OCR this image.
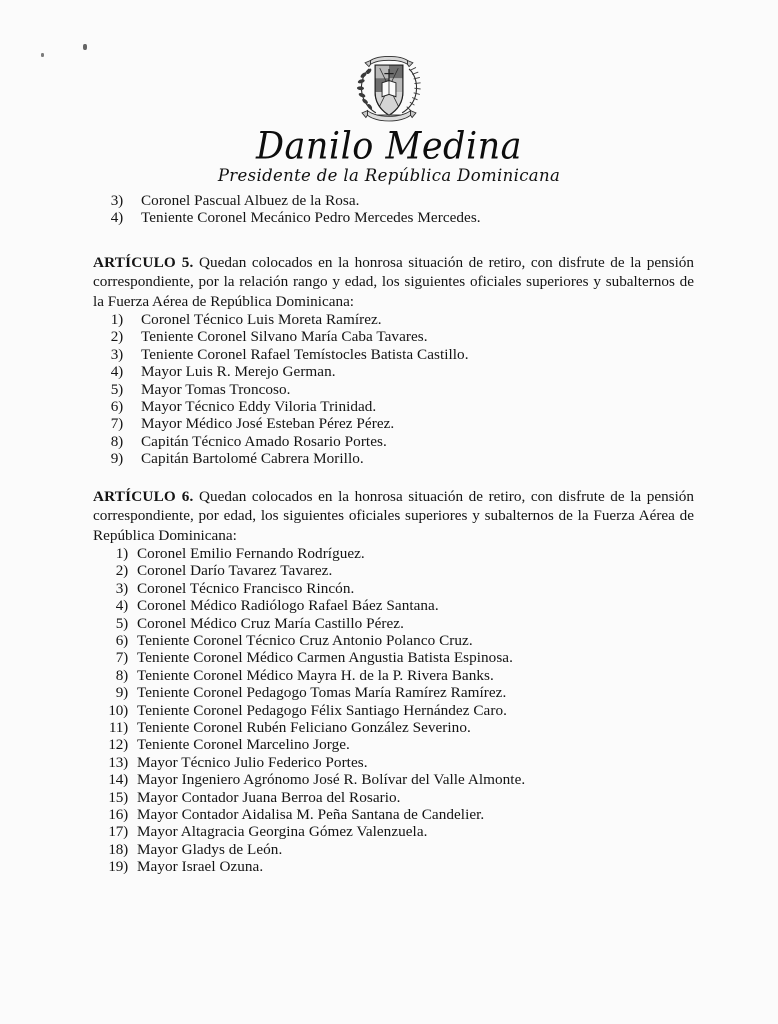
Danilo Medina
Presidente de la República Dominicana
3) Coronel Pascual Albuez de la Rosa.
4) Teniente Coronel Mecánico Pedro Mercedes Mercedes.

ARTÍCULO 5. Quedan colocados en la honrosa situación de retiro, con disfrute de la pensión correspondiente, por la relación rango y edad, los siguientes oficiales superiores y subalternos de la Fuerza Aérea de República Dominicana:

1) Coronel Técnico Luis Moreta Ramírez.
2) Teniente Coronel Silvano María Caba Tavares.
3) Teniente Coronel Rafael Temístocles Batista Castillo.
4) Mayor Luis R. Merejo German.
5) Mayor Tomas Troncoso.
6) Mayor Técnico Eddy Viloria Trinidad.
7) Mayor Médico José Esteban Pérez Pérez.
8) Capitán Técnico Amado Rosario Portes.
9) Capitán Bartolomé Cabrera Morillo.

ARTÍCULO 6. Quedan colocados en la honrosa situación de retiro, con disfrute de la pensión correspondiente, por edad, los siguientes oficiales superiores y subalternos de la Fuerza Aérea de República Dominicana:

1) Coronel Emilio Fernando Rodríguez.
2) Coronel Darío Tavarez Tavarez.
3) Coronel Técnico Francisco Rincón.
4) Coronel Médico Radiólogo Rafael Báez Santana.
5) Coronel Médico Cruz María Castillo Pérez.
6) Teniente Coronel Técnico Cruz Antonio Polanco Cruz.
7) Teniente Coronel Médico Carmen Angustia Batista Espinosa.
8) Teniente Coronel Médico Mayra H. de la P. Rivera Banks.
9) Teniente Coronel Pedagogo Tomas María Ramírez Ramírez.
10) Teniente Coronel Pedagogo Félix Santiago Hernández Caro.
11) Teniente Coronel Rubén Feliciano González Severino.
12) Teniente Coronel Marcelino Jorge.
13) Mayor Técnico Julio Federico Portes.
14) Mayor Ingeniero Agrónomo José R. Bolívar del Valle Almonte.
15) Mayor Contador Juana Berroa del Rosario.
16) Mayor Contador Aidalisa M. Peña Santana de Candelier.
17) Mayor Altagracia Georgina Gómez Valenzuela.
18) Mayor Gladys de León.
19) Mayor Israel Ozuna.
